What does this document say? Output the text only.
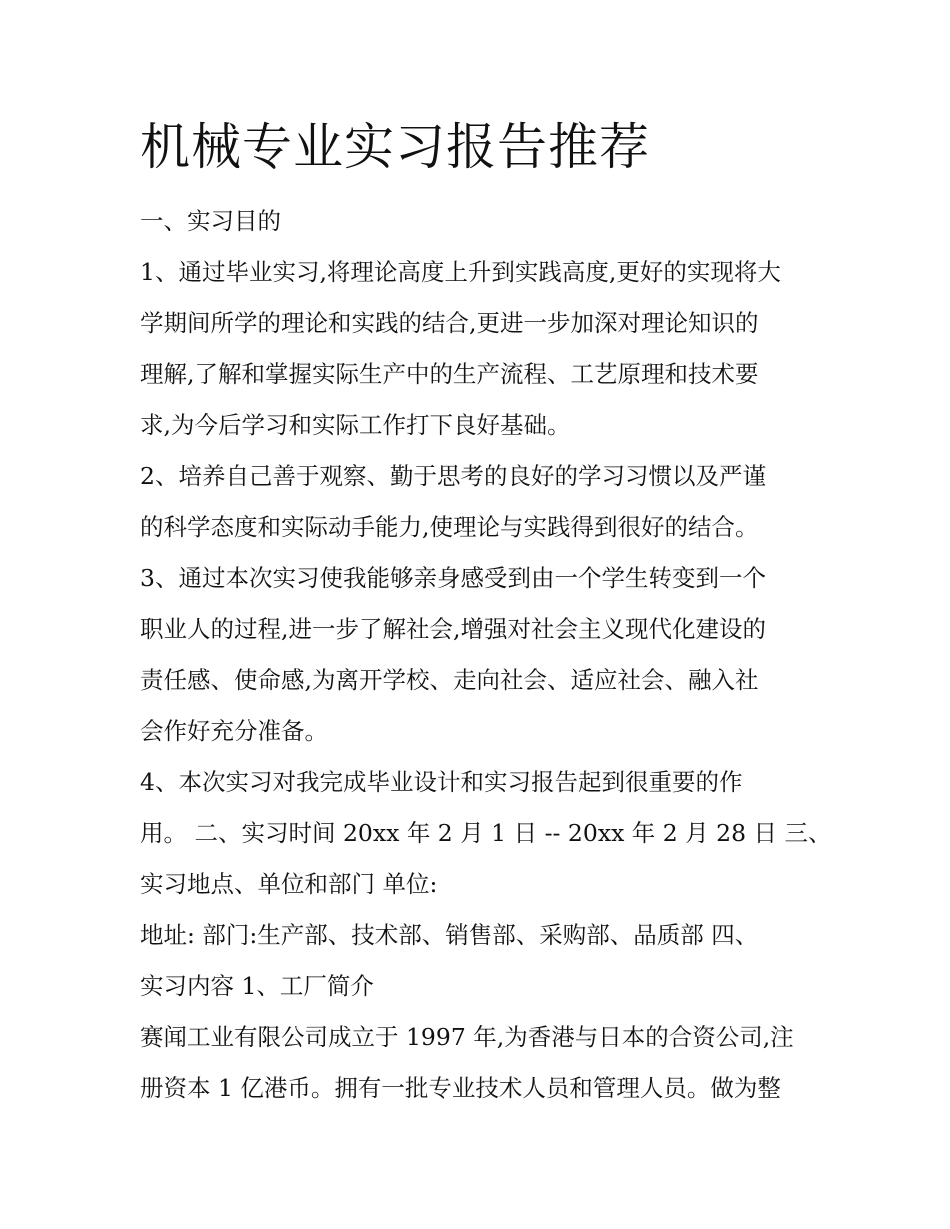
机械专业实习报告推荐

一、实习目的

1、通过毕业实习,将理论高度上升到实践高度,更好的实现将大

学期间所学的理论和实践的结合,更进一步加深对理论知识的

理解,了解和掌握实际生产中的生产流程、工艺原理和技术要

求,为今后学习和实际工作打下良好基础。

2、培养自己善于观察、勤于思考的良好的学习习惯以及严谨

的科学态度和实际动手能力,使理论与实践得到很好的结合。

3、通过本次实习使我能够亲身感受到由一个学生转变到一个

职业人的过程,进一步了解社会,增强对社会主义现代化建设的

责任感、使命感,为离开学校、走向社会、适应社会、融入社

会作好充分准备。

4、本次实习对我完成毕业设计和实习报告起到很重要的作

用。 二、实习时间 20xx 年 2 月 1 日 -- 20xx 年 2 月 28 日 三、

实习地点、单位和部门 单位:

地址: 部门:生产部、技术部、销售部、采购部、品质部 四、

实习内容 1、工厂简介

赛闻工业有限公司成立于 1997 年,为香港与日本的合资公司,注

册资本 1 亿港币。拥有一批专业技术人员和管理人员。做为整
